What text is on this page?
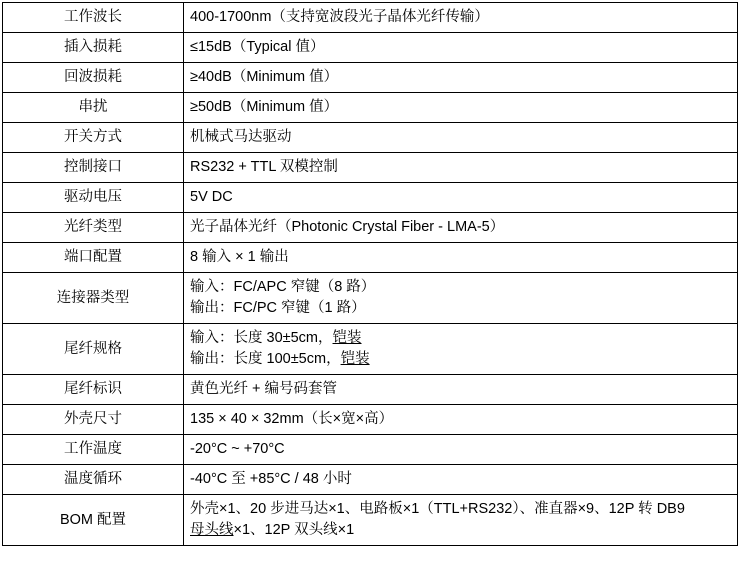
工作波长	400-1700nm（支持宽波段光子晶体光纤传输）

插入损耗	≤15dB（Typical 值）

回波损耗	≥40dB（Minimum 值）

串扰	≥50dB（Minimum 值）

开关方式	机械式马达驱动

控制接口	RS232 + TTL 双模控制

驱动电压	5V DC

光纤类型	光子晶体光纤（Photonic Crystal Fiber - LMA-5）

端口配置	8 输入 × 1 输出

连接器类型	输入：FC/APC 窄键（8 路）
输出：FC/PC 窄键（1 路）

尾纤规格	输入：长度 30±5cm，铠装
输出：长度 100±5cm，铠装

尾纤标识	黄色光纤 + 编号码套管

外壳尺寸	135 × 40 × 32mm（长×宽×高）

工作温度	-20°C ~ +70°C

温度循环	-40°C 至 +85°C / 48 小时

BOM 配置	外壳×1、20 步进马达×1、电路板×1（TTL+RS232）、准直器×9、12P 转 DB9
母头线×1、12P 双头线×1
